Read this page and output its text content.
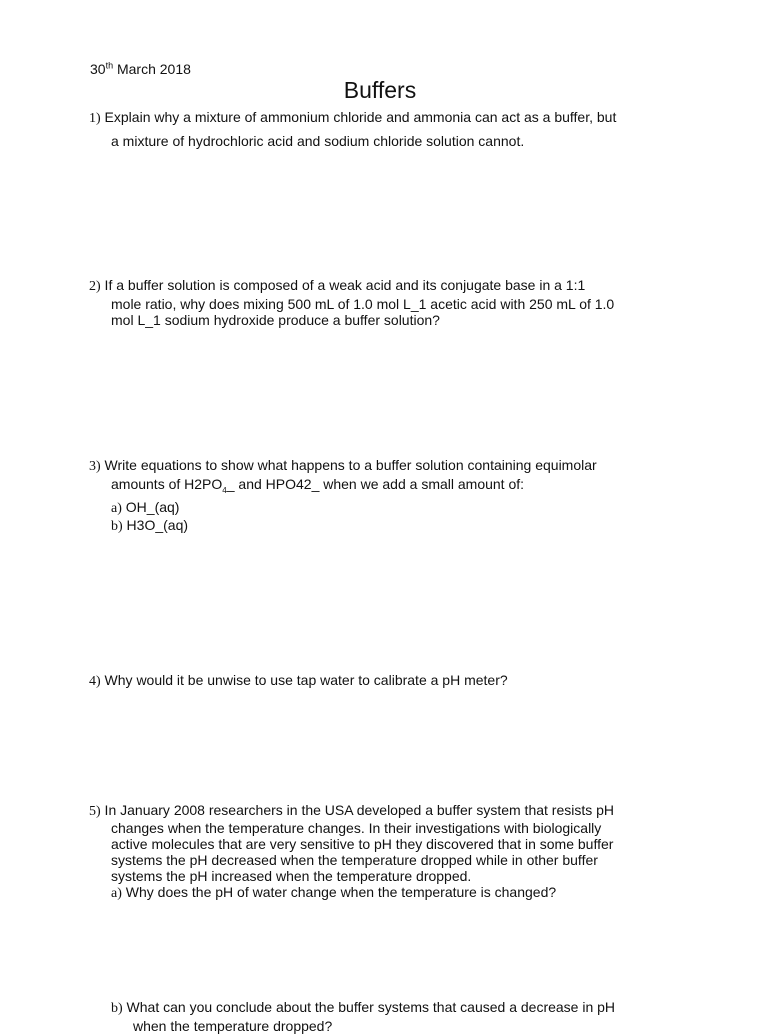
30th March 2018
Buffers
1) Explain why a mixture of ammonium chloride and ammonia can act as a buffer, but
a mixture of hydrochloric acid and sodium chloride solution cannot.
2) If a buffer solution is composed of a weak acid and its conjugate base in a 1:1
mole ratio, why does mixing 500 mL of 1.0 mol L_1 acetic acid with 250 mL of 1.0
mol L_1 sodium hydroxide produce a buffer solution?
3) Write equations to show what happens to a buffer solution containing equimolar
amounts of $H2PO_4\_$ and HPO42_ when we add a small amount of:
a) OH_(aq)
b) H3O_(aq)
4) Why would it be unwise to use tap water to calibrate a pH meter?
5) In January 2008 researchers in the USA developed a buffer system that resists pH
changes when the temperature changes. In their investigations with biologically
active molecules that are very sensitive to pH they discovered that in some buffer
systems the pH decreased when the temperature dropped while in other buffer
systems the pH increased when the temperature dropped.
a) Why does the pH of water change when the temperature is changed?
b) What can you conclude about the buffer systems that caused a decrease in pH
when the temperature dropped?
